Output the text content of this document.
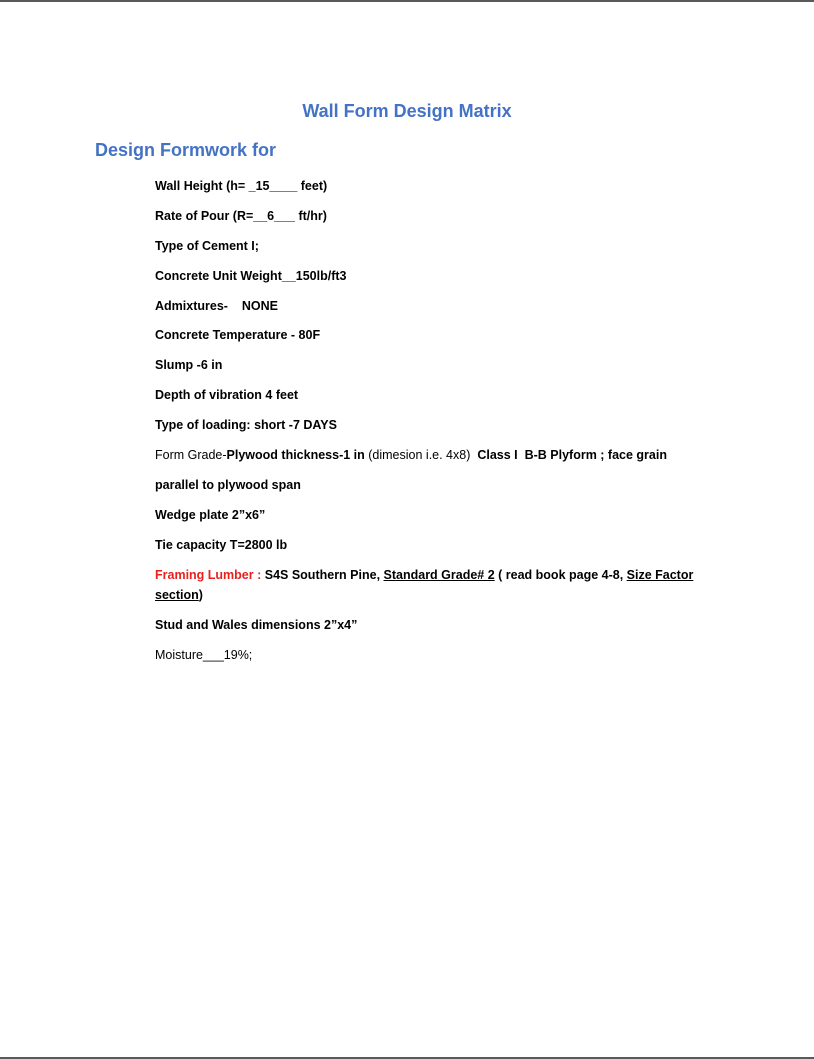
Wall Form Design Matrix
Design Formwork for
Wall Height (h= _15____ feet)
Rate of Pour (R=__6___ ft/hr)
Type of Cement I;
Concrete Unit Weight__150lb/ft3
Admixtures-    NONE
Concrete Temperature - 80F
Slump -6 in
Depth of vibration 4 feet
Type of loading: short -7 DAYS
Form Grade-Plywood thickness-1 in (dimesion i.e. 4x8)  Class I  B-B Plyform ; face grain
parallel to plywood span
Wedge plate 2”x6”
Tie capacity T=2800 lb
Framing Lumber : S4S Southern Pine, Standard Grade# 2 ( read book page 4-8, Size Factor section)
Stud and Wales dimensions 2”x4”
Moisture___19%;
